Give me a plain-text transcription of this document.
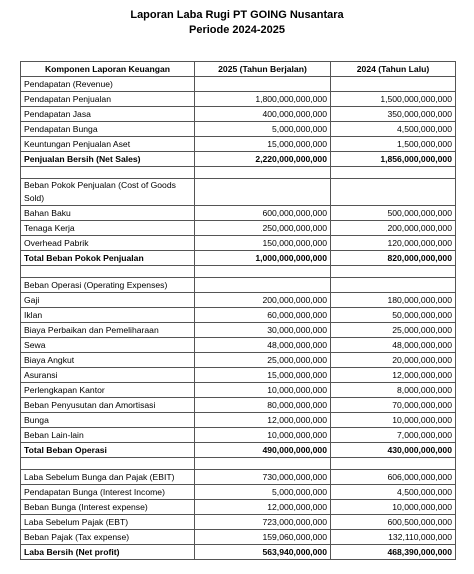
Laporan Laba Rugi PT GOING Nusantara
Periode 2024-2025
Komponen Laporan Keuangan	2025 (Tahun Berjalan)	2024 (Tahun Lalu)
Pendapatan (Revenue)		
Pendapatan Penjualan	1,800,000,000,000	1,500,000,000,000
Pendapatan Jasa	400,000,000,000	350,000,000,000
Pendapatan Bunga	5,000,000,000	4,500,000,000
Keuntungan Penjualan Aset	15,000,000,000	1,500,000,000
Penjualan Bersih (Net Sales)	2,220,000,000,000	1,856,000,000,000

Beban Pokok Penjualan (Cost of Goods Sold)		
Bahan Baku	600,000,000,000	500,000,000,000
Tenaga Kerja	250,000,000,000	200,000,000,000
Overhead Pabrik	150,000,000,000	120,000,000,000
Total Beban Pokok Penjualan	1,000,000,000,000	820,000,000,000

Beban Operasi (Operating Expenses)		
Gaji	200,000,000,000	180,000,000,000
Iklan	60,000,000,000	50,000,000,000
Biaya Perbaikan dan Pemeliharaan	30,000,000,000	25,000,000,000
Sewa	48,000,000,000	48,000,000,000
Biaya Angkut	25,000,000,000	20,000,000,000
Asuransi	15,000,000,000	12,000,000,000
Perlengkapan Kantor	10,000,000,000	8,000,000,000
Beban Penyusutan dan Amortisasi	80,000,000,000	70,000,000,000
Bunga	12,000,000,000	10,000,000,000
Beban Lain-lain	10,000,000,000	7,000,000,000
Total Beban Operasi	490,000,000,000	430,000,000,000

Laba Sebelum Bunga dan Pajak (EBIT)	730,000,000,000	606,000,000,000
Pendapatan Bunga (Interest Income)	5,000,000,000	4,500,000,000
Beban Bunga (Interest expense)	12,000,000,000	10,000,000,000
Laba Sebelum Pajak (EBT)	723,000,000,000	600,500,000,000
Beban Pajak (Tax expense)	159,060,000,000	132,110,000,000
Laba Bersih (Net profit)	563,940,000,000	468,390,000,000
